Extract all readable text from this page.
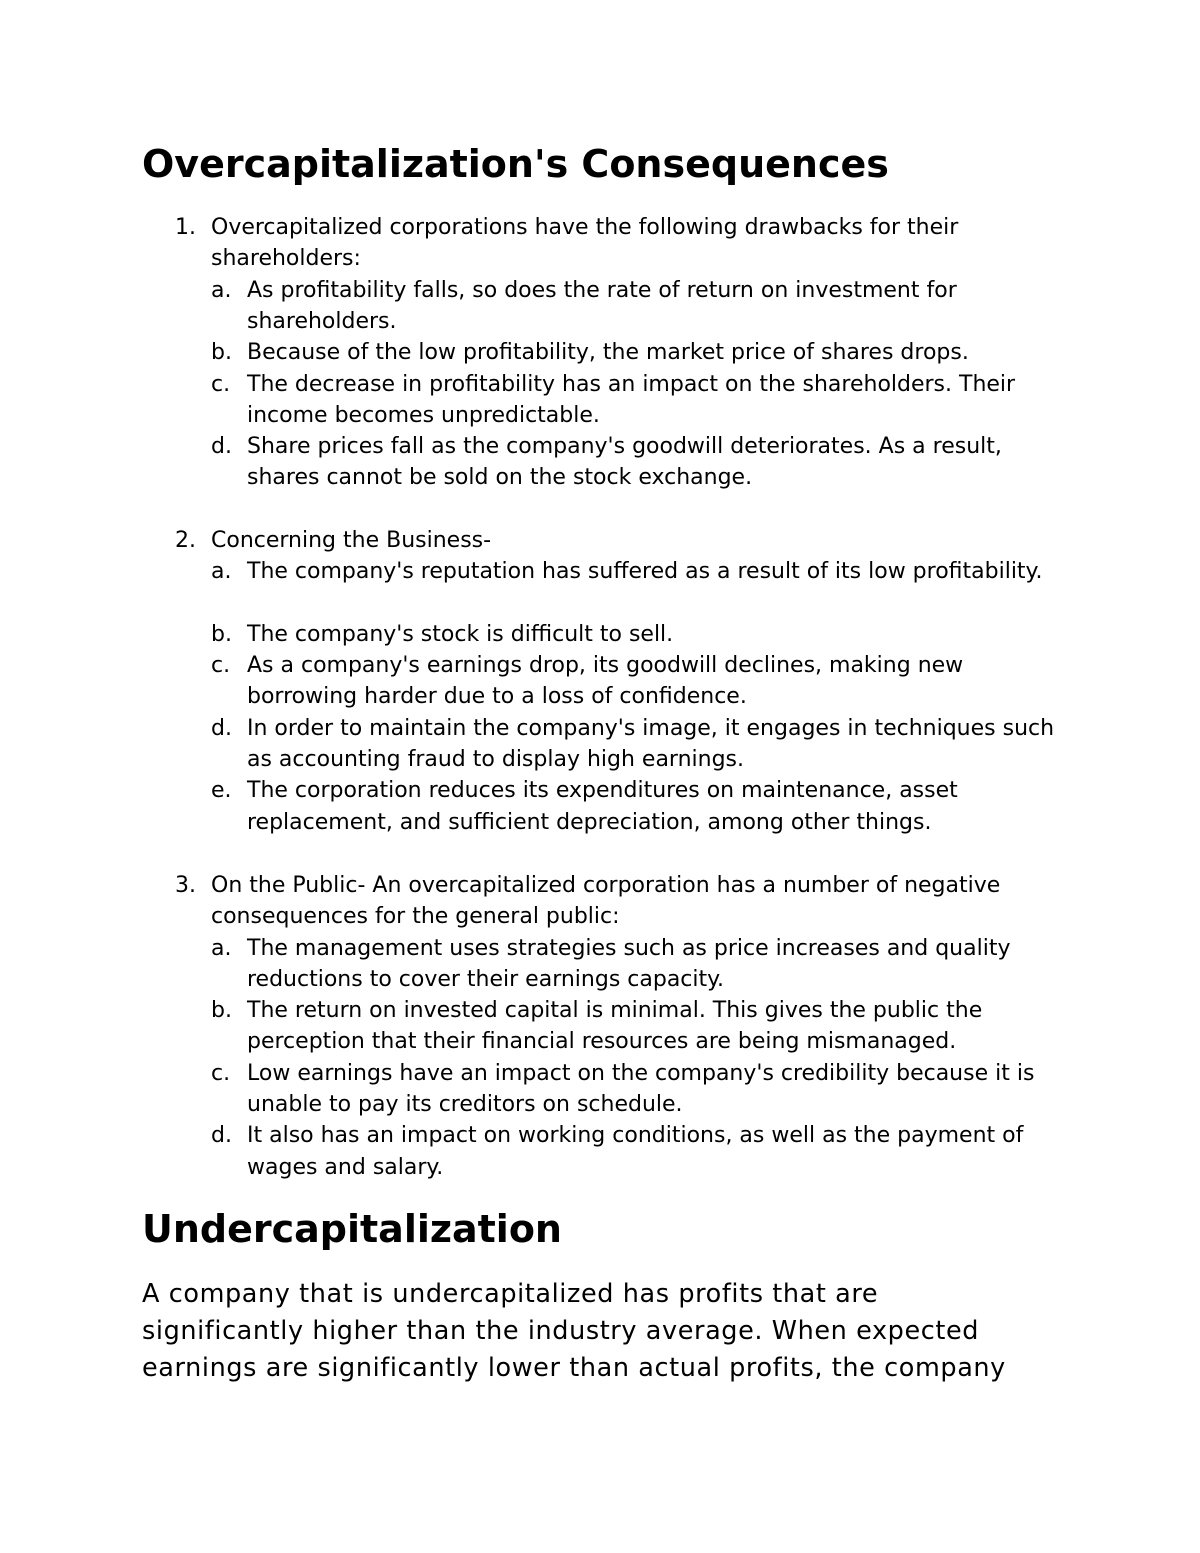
Overcapitalization's Consequences
1. Overcapitalized corporations have the following drawbacks for their shareholders:
a. As profitability falls, so does the rate of return on investment for shareholders.
b. Because of the low profitability, the market price of shares drops.
c. The decrease in profitability has an impact on the shareholders. Their income becomes unpredictable.
d. Share prices fall as the company's goodwill deteriorates. As a result, shares cannot be sold on the stock exchange.
2. Concerning the Business-
a. The company's reputation has suffered as a result of its low profitability.
b. The company's stock is difficult to sell.
c. As a company's earnings drop, its goodwill declines, making new borrowing harder due to a loss of confidence.
d. In order to maintain the company's image, it engages in techniques such as accounting fraud to display high earnings.
e. The corporation reduces its expenditures on maintenance, asset replacement, and sufficient depreciation, among other things.
3. On the Public- An overcapitalized corporation has a number of negative consequences for the general public:
a. The management uses strategies such as price increases and quality reductions to cover their earnings capacity.
b. The return on invested capital is minimal. This gives the public the perception that their financial resources are being mismanaged.
c. Low earnings have an impact on the company's credibility because it is unable to pay its creditors on schedule.
d. It also has an impact on working conditions, as well as the payment of wages and salary.
Undercapitalization

A company that is undercapitalized has profits that are significantly higher than the industry average. When expected earnings are significantly lower than actual profits, the company
